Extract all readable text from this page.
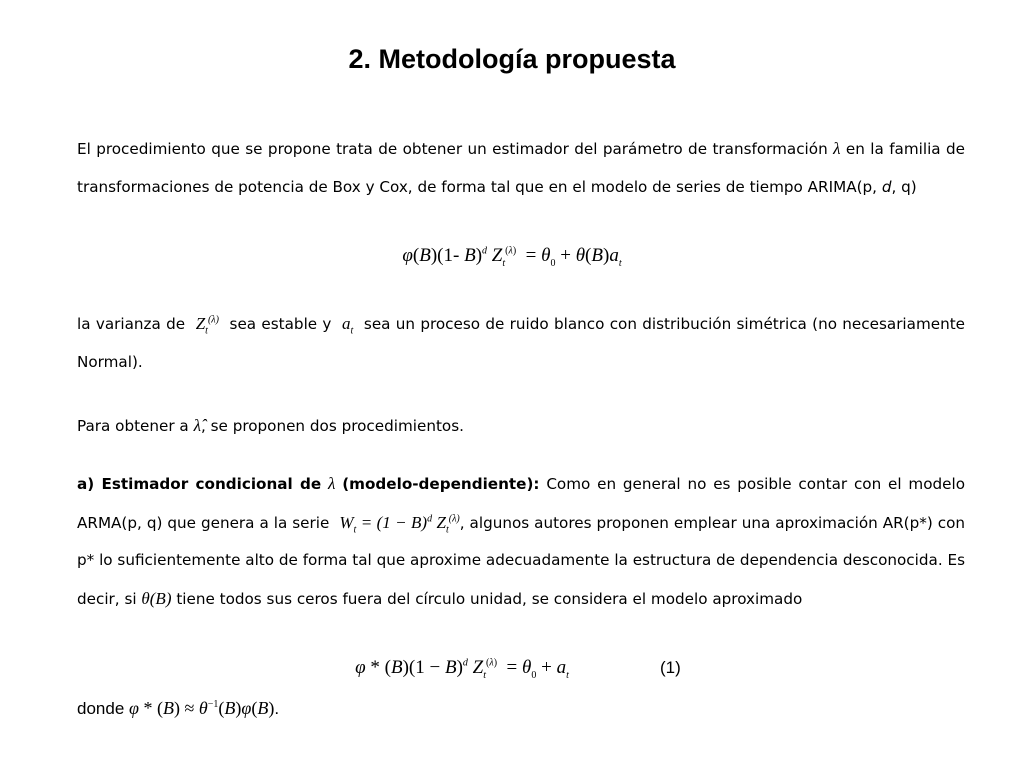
2. Metodología propuesta
El procedimiento que se propone trata de obtener un estimador del parámetro de transformación λ en la familia de transformaciones de potencia de Box y Cox, de forma tal que en el modelo de series de tiempo ARIMA(p, d, q)
φ(B)(1- B)$^d$ $Z_t^{(\lambda)} = \theta_0 + \theta(B)a_t$
la varianza de $Z_t^{(\lambda)}$ sea estable y $a_t$ sea un proceso de ruido blanco con distribución simétrica (no necesariamente Normal).
Para obtener a λ̂, se proponen dos procedimientos.
a) Estimador condicional de λ (modelo-dependiente): Como en general no es posible contar con el modelo ARMA(p, q) que genera a la serie $W_t = (1 - B)^d$ $Z_t^{(\lambda)}$, algunos autores proponen emplear una aproximación AR(p*) con p* lo suficientemente alto de forma tal que aproxime adecuadamente la estructura de dependencia desconocida. Es decir, si θ(B) tiene todos sus ceros fuera del círculo unidad, se considera el modelo aproximado
$\varphi * (B)(1 - B)^d$ $Z_t^{(\lambda)} = \theta_0 + a_t$	(1)
donde $\varphi * (B) \approx \theta^{-1}(B)\varphi(B)$.
